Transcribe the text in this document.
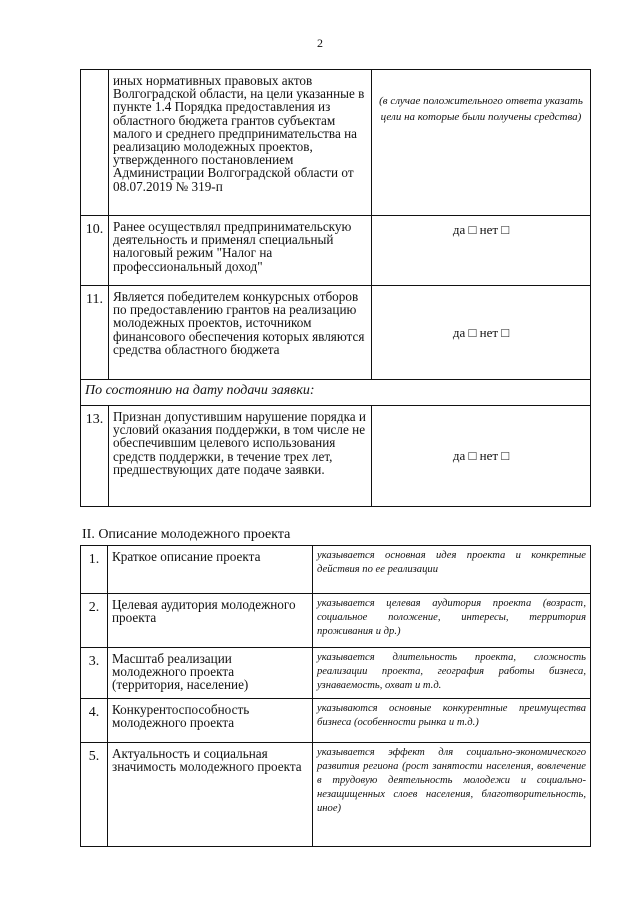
2
	иных нормативных правовых актов Волгоградской области, на цели указанные в пункте 1.4 Порядка предоставления из областного бюджета грантов субъектам малого и среднего предпринимательства на реализацию молодежных проектов, утвержденного постановлением Администрации Волгоградской области от 08.07.2019 № 319-п	(в случае положительного ответа указать цели на которые были получены средства)
10.	Ранее осуществлял предпринимательскую деятельность и применял специальный налоговый режим "Налог на профессиональный доход"	да □ нет □
11.	Является победителем конкурсных отборов по предоставлению грантов на реализацию молодежных проектов, источником финансового обеспечения которых являются средства областного бюджета	да □ нет □
По состоянию на дату подачи заявки:		
13.	Признан допустившим нарушение порядка и условий оказания поддержки, в том числе не обеспечившим целевого использования средств поддержки, в течение трех лет, предшествующих дате подаче заявки.	да □ нет □
II. Описание молодежного проекта
1.	Краткое описание проекта	указывается основная идея проекта и конкретные действия по ее реализации
2.	Целевая аудитория молодежного проекта	указывается целевая аудитория проекта (возраст, социальное положение, интересы, территория проживания и др.)
3.	Масштаб реализации молодежного проекта (территория, население)	указывается длительность проекта, сложность реализации проекта, география работы бизнеса, узнаваемость, охват и т.д.
4.	Конкурентоспособность молодежного проекта	указываются основные конкурентные преимущества бизнеса (особенности рынка и т.д.)
5.	Актуальность и социальная значимость молодежного проекта	указывается эффект для социально-экономического развития региона (рост занятости населения, вовлечение в трудовую деятельность молодежи и социально-незащищенных слоев населения, благотворительность, иное)
